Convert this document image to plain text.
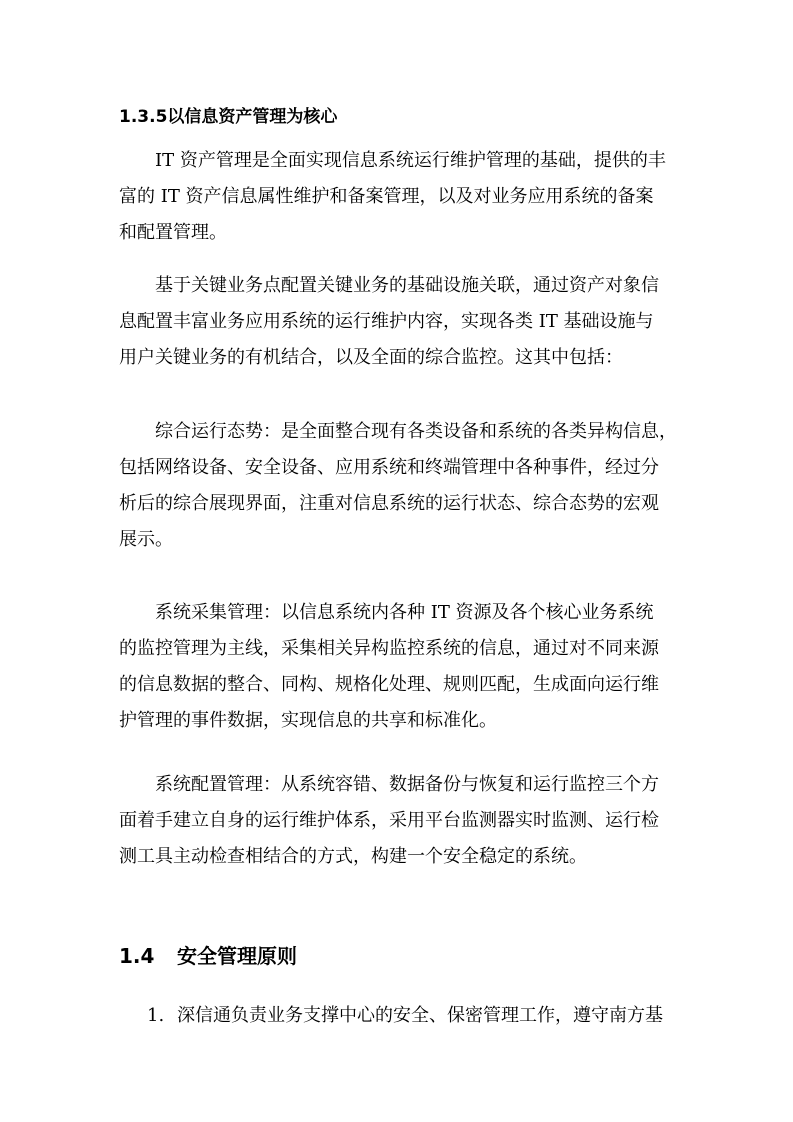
1.3.5以信息资产管理为核心
IT 资产管理是全面实现信息系统运行维护管理的基础，提供的丰
富的 IT 资产信息属性维护和备案管理，以及对业务应用系统的备案
和配置管理。
基于关键业务点配置关键业务的基础设施关联，通过资产对象信
息配置丰富业务应用系统的运行维护内容，实现各类 IT 基础设施与
用户关键业务的有机结合，以及全面的综合监控。这其中包括：
综合运行态势：是全面整合现有各类设备和系统的各类异构信息，
包括网络设备、安全设备、应用系统和终端管理中各种事件，经过分
析后的综合展现界面，注重对信息系统的运行状态、综合态势的宏观
展示。
系统采集管理：以信息系统内各种 IT 资源及各个核心业务系统
的监控管理为主线，采集相关异构监控系统的信息，通过对不同来源
的信息数据的整合、同构、规格化处理、规则匹配，生成面向运行维
护管理的事件数据，实现信息的共享和标准化。
系统配置管理：从系统容错、数据备份与恢复和运行监控三个方
面着手建立自身的运行维护体系，采用平台监测器实时监测、运行检
测工具主动检查相结合的方式，构建一个安全稳定的系统。
1.4 安全管理原则
1. 深信通负责业务支撑中心的安全、保密管理工作，遵守南方基
